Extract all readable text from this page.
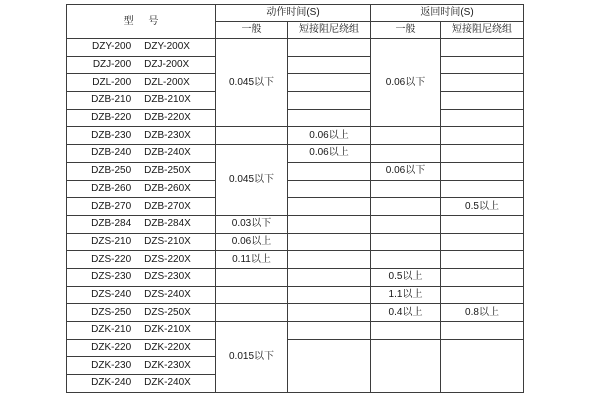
型 号	动作时间(S)		返回时间(S)	
	一般	短接阻尼绕组	一般	短接阻尼绕组

DZY-200 DZY-200X	0.045以下		0.06以下	

DZJ-200 DZJ-200X				

DZL-200 DZL-200X				

DZB-210 DZB-210X				

DZB-220 DZB-220X				

DZB-230 DZB-230X		0.06以上		

DZB-240 DZB-240X	0.045以下	0.06以上		

DZB-250 DZB-250X			0.06以下	

DZB-260 DZB-260X				

DZB-270 DZB-270X				0.5以上

DZB-284 DZB-284X	0.03以下			

DZS-210 DZS-210X	0.06以上			

DZS-220 DZS-220X	0.11以上			

DZS-230 DZS-230X			0.5以上	

DZS-240 DZS-240X			1.1以上	

DZS-250 DZS-250X			0.4以上	0.8以上

DZK-210 DZK-210X	0.015以下			

DZK-220 DZK-220X				

DZK-230 DZK-230X				

DZK-240 DZK-240X				
